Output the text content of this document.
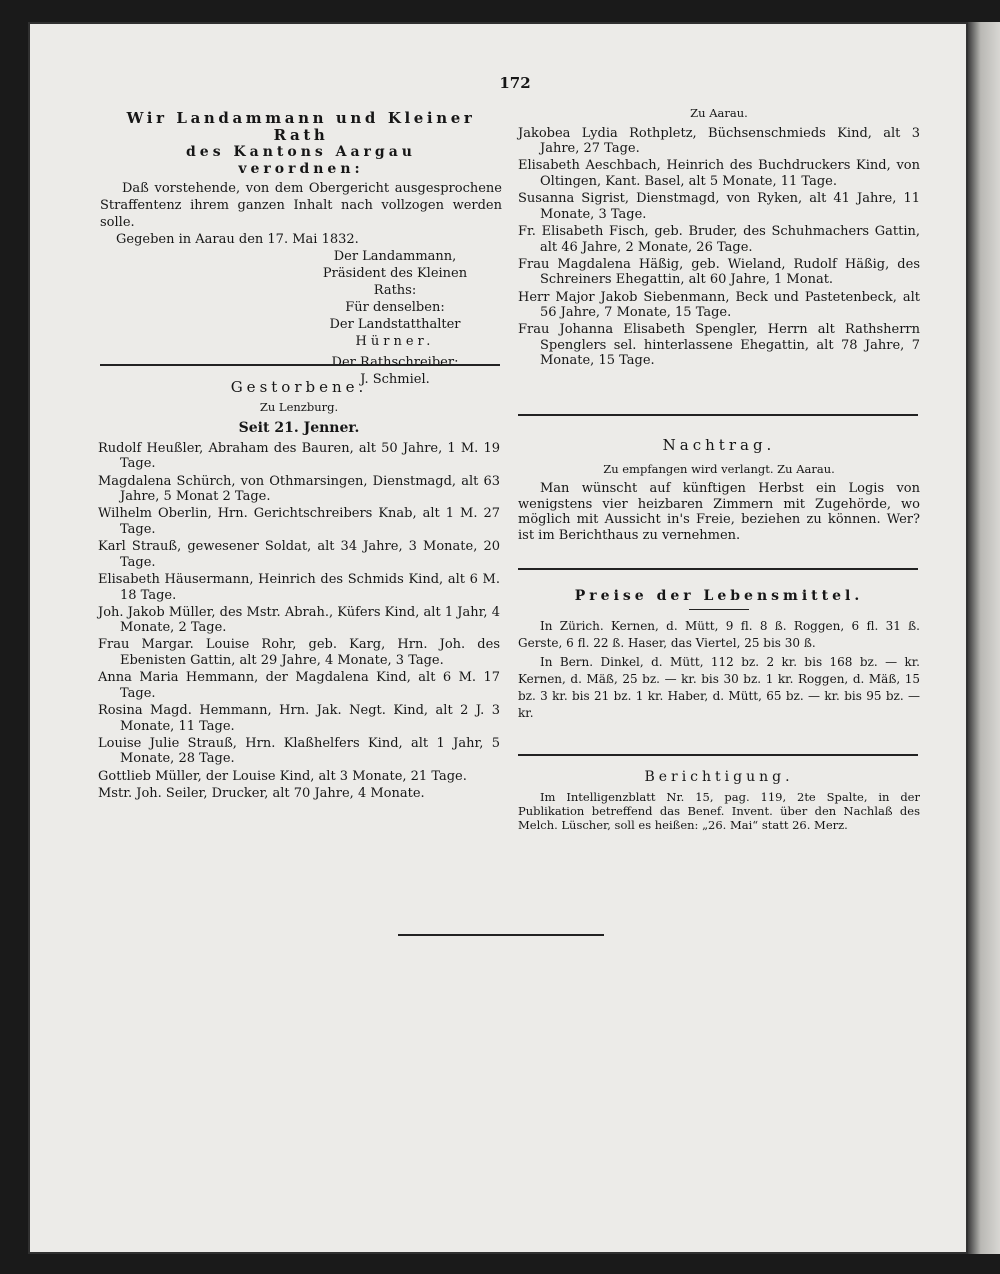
172

Wir Landammann und Kleiner Rath

des Kantons Aargau

verordnen:

Daß vorstehende, von dem Obergericht ausgesprochene Straffentenz ihrem ganzen Inhalt nach vollzogen werden solle.

Gegeben in Aarau den 17. Mai 1832.

Der Landammann,

Präsident des Kleinen Raths:

Für denselben:

Der Landstatthalter

Hürner.

Der Rathschreiber:

J. Schmiel.

Gestorbene.

Zu Lenzburg.

Seit 21. Jenner.

Rudolf Heußler, Abraham des Bauren, alt 50 Jahre, 1 M. 19 Tage.

Magdalena Schürch, von Othmarsingen, Dienstmagd, alt 63 Jahre, 5 Monat 2 Tage.

Wilhelm Oberlin, Hrn. Gerichtschreibers Knab, alt 1 M. 27 Tage.

Karl Strauß, gewesener Soldat, alt 34 Jahre, 3 Monate, 20 Tage.

Elisabeth Häusermann, Heinrich des Schmids Kind, alt 6 M. 18 Tage.

Joh. Jakob Müller, des Mstr. Abrah., Küfers Kind, alt 1 Jahr, 4 Monate, 2 Tage.

Frau Margar. Louise Rohr, geb. Karg, Hrn. Joh. des Ebenisten Gattin, alt 29 Jahre, 4 Monate, 3 Tage.

Anna Maria Hemmann, der Magdalena Kind, alt 6 M. 17 Tage.

Rosina Magd. Hemmann, Hrn. Jak. Negt. Kind, alt 2 J. 3 Monate, 11 Tage.

Louise Julie Strauß, Hrn. Klaßhelfers Kind, alt 1 Jahr, 5 Monate, 28 Tage.

Gottlieb Müller, der Louise Kind, alt 3 Monate, 21 Tage.

Mstr. Joh. Seiler, Drucker, alt 70 Jahre, 4 Monate.

Zu Aarau.

Jakobea Lydia Rothpletz, Büchsenschmieds Kind, alt 3 Jahre, 27 Tage.

Elisabeth Aeschbach, Heinrich des Buchdruckers Kind, von Oltingen, Kant. Basel, alt 5 Monate, 11 Tage.

Susanna Sigrist, Dienstmagd, von Ryken, alt 41 Jahre, 11 Monate, 3 Tage.

Fr. Elisabeth Fisch, geb. Bruder, des Schuhmachers Gattin, alt 46 Jahre, 2 Monate, 26 Tage.

Frau Magdalena Häßig, geb. Wieland, Rudolf Häßig, des Schreiners Ehegattin, alt 60 Jahre, 1 Monat.

Herr Major Jakob Siebenmann, Beck und Pastetenbeck, alt 56 Jahre, 7 Monate, 15 Tage.

Frau Johanna Elisabeth Spengler, Herrn alt Rathsherrn Spenglers sel. hinterlassene Ehegattin, alt 78 Jahre, 7 Monate, 15 Tage.

Nachtrag.

Zu empfangen wird verlangt. Zu Aarau.

Man wünscht auf künftigen Herbst ein Logis von wenigstens vier heizbaren Zimmern mit Zugehörde, wo möglich mit Aussicht in's Freie, beziehen zu können. Wer? ist im Berichthaus zu vernehmen.

Preise der Lebensmittel.

In Zürich. Kernen, d. Mütt, 9 fl. 8 ß. Roggen, 6 fl. 31 ß. Gerste, 6 fl. 22 ß. Haser, das Viertel, 25 bis 30 ß.

In Bern. Dinkel, d. Mütt, 112 bz. 2 kr. bis 168 bz. — kr. Kernen, d. Mäß, 25 bz. — kr. bis 30 bz. 1 kr. Roggen, d. Mäß, 15 bz. 3 kr. bis 21 bz. 1 kr. Haber, d. Mütt, 65 bz. — kr. bis 95 bz. — kr.

Berichtigung.

Im Intelligenzblatt Nr. 15, pag. 119, 2te Spalte, in der Publikation betreffend das Benef. Invent. über den Nachlaß des Melch. Lüscher, soll es heißen: „26. Mai“ statt 26. Merz.
